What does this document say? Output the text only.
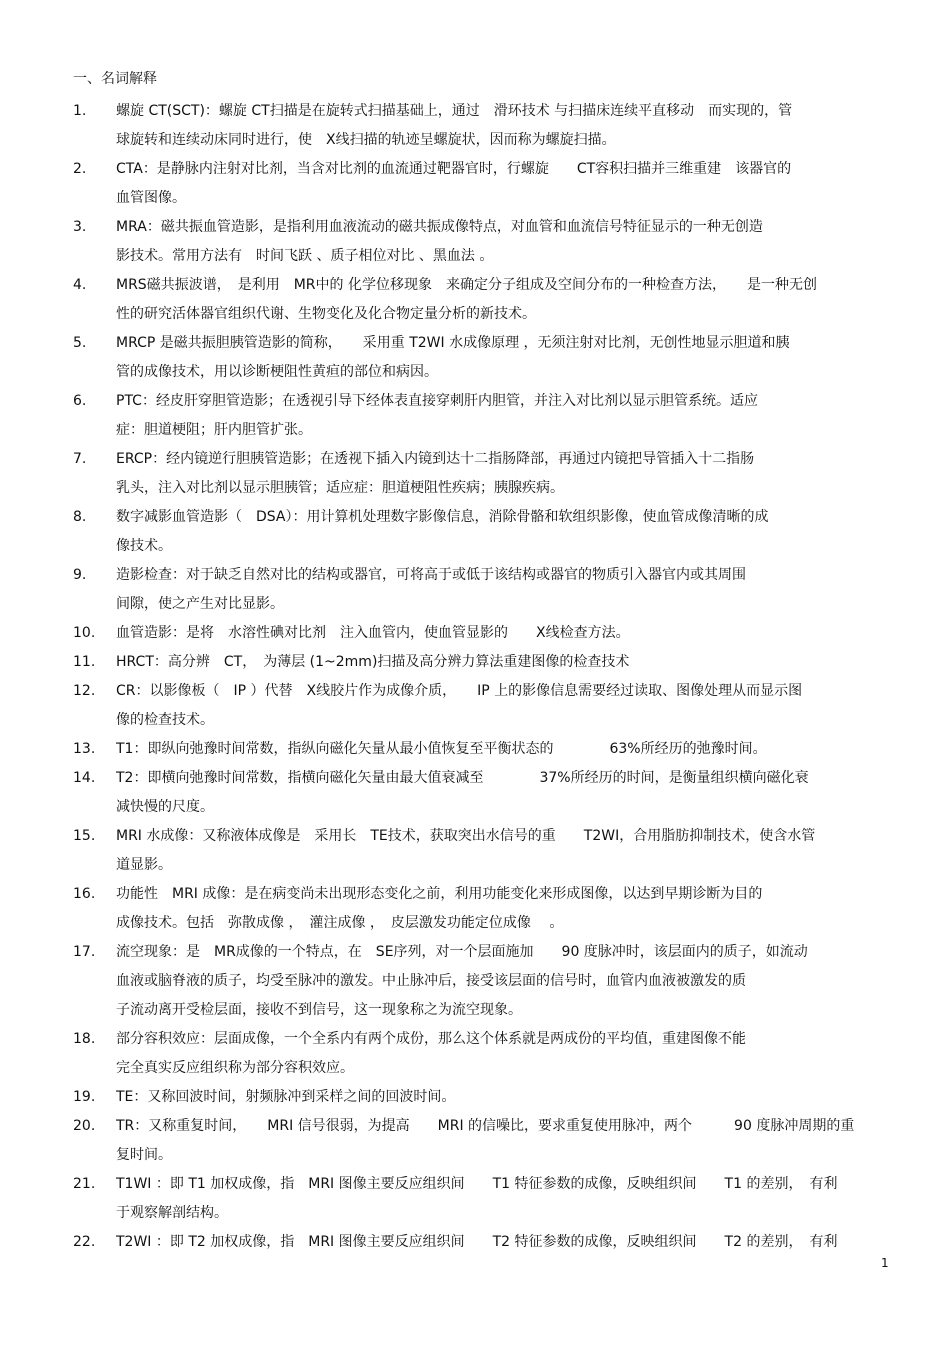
一、名词解释
1.	螺旋 CT(SCT)：螺旋 CT扫描是在旋转式扫描基础上，通过　滑环技术 与扫描床连续平直移动　而实现的，管
球旋转和连续动床同时进行，使　X线扫描的轨迹呈螺旋状，因而称为螺旋扫描。
2.	CTA：是静脉内注射对比剂，当含对比剂的血流通过靶器官时，行螺旋　　CT容积扫描并三维重建　该器官的
血管图像。
3.	MRA：磁共振血管造影，是指利用血液流动的磁共振成像特点，对血管和血流信号特征显示的一种无创造
影技术。常用方法有　时间飞跃 、质子相位对比 、黑血法 。
4.	MRS磁共振波谱，　是利用　MR中的 化学位移现象　来确定分子组成及空间分布的一种检查方法，　　是一种无创
性的研究活体器官组织代谢、生物变化及化合物定量分析的新技术。
5.	MRCP 是磁共振胆胰管造影的简称，　　采用重 T2WI 水成像原理 ，无须注射对比剂，无创性地显示胆道和胰
管的成像技术，用以诊断梗阻性黄疸的部位和病因。
6.	PTC：经皮肝穿胆管造影；在透视引导下经体表直接穿刺肝内胆管，并注入对比剂以显示胆管系统。适应
症：胆道梗阻；肝内胆管扩张。
7.	ERCP：经内镜逆行胆胰管造影；在透视下插入内镜到达十二指肠降部，再通过内镜把导管插入十二指肠
乳头，注入对比剂以显示胆胰管；适应症：胆道梗阻性疾病；胰腺疾病。
8.	数字减影血管造影（　DSA）：用计算机处理数字影像信息，消除骨骼和软组织影像，使血管成像清晰的成
像技术。
9.	造影检查：对于缺乏自然对比的结构或器官，可将高于或低于该结构或器官的物质引入器官内或其周围
间隙，使之产生对比显影。
10.	血管造影：是将　水溶性碘对比剂　注入血管内，使血管显影的　　X线检查方法。
11.	HRCT：高分辨　CT，　为薄层 (1~2mm)扫描及高分辨力算法重建图像的检查技术
12.	CR：以影像板（　IP ）代替　X线胶片作为成像介质，　　IP 上的影像信息需要经过读取、图像处理从而显示图
像的检查技术。
13.	T1：即纵向弛豫时间常数，指纵向磁化矢量从最小值恢复至平衡状态的　　　　63%所经历的弛豫时间。
14.	T2：即横向弛豫时间常数，指横向磁化矢量由最大值衰减至　　　　37%所经历的时间，是衡量组织横向磁化衰
减快慢的尺度。
15.	MRI 水成像：又称液体成像是　采用长　TE技术，获取突出水信号的重　　T2WI，合用脂肪抑制技术，使含水管
道显影。
16.	功能性　MRI 成像：是在病变尚未出现形态变化之前，利用功能变化来形成图像，以达到早期诊断为目的
成像技术。包括　弥散成像 ，　灌注成像 ，　皮层激发功能定位成像　 。
17.	流空现象：是　MR成像的一个特点，在　SE序列，对一个层面施加　　90 度脉冲时，该层面内的质子，如流动
血液或脑脊液的质子，均受至脉冲的激发。中止脉冲后，接受该层面的信号时，血管内血液被激发的质
子流动离开受检层面，接收不到信号，这一现象称之为流空现象。
18.	部分容积效应：层面成像，一个全系内有两个成份，那么这个体系就是两成份的平均值，重建图像不能
完全真实反应组织称为部分容积效应。
19.	TE：又称回波时间，射频脉冲到采样之间的回波时间。
20.	TR：又称重复时间，　　MRI 信号很弱，为提高　　MRI 的信噪比，要求重复使用脉冲，两个　　　90 度脉冲周期的重
复时间。
21.	T1WI ：即 T1 加权成像，指　MRI 图像主要反应组织间　　T1 特征参数的成像，反映组织间　　T1 的差别，　有利
于观察解剖结构。
22.	T2WI ：即 T2 加权成像，指　MRI 图像主要反应组织间　　T2 特征参数的成像，反映组织间　　T2 的差别，　有利
1
